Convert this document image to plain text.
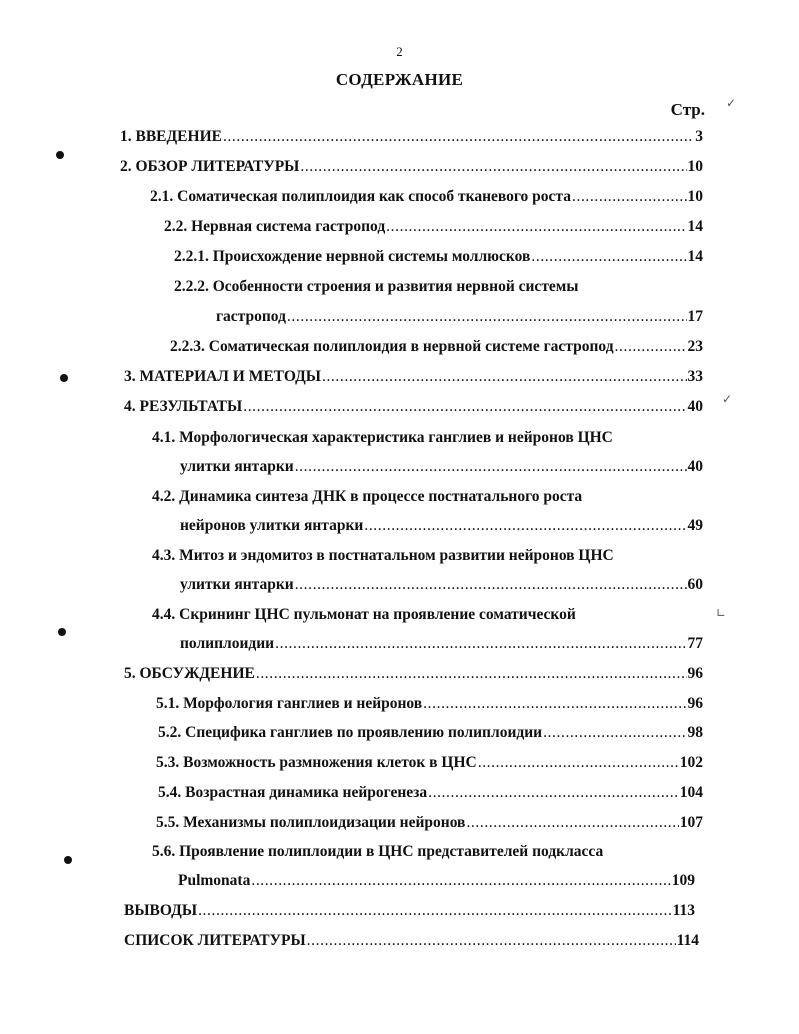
2
СОДЕРЖАНИЕ
Стр.
1. ВВЕДЕНИЕ .....	3
2. ОБЗОР ЛИТЕРАТУРЫ .....	10
2.1. Соматическая полиплоидия как способ тканевого роста .....	10
2.2. Нервная система гастропод .....	14
2.2.1. Происхождение нервной системы моллюсков .....	14
2.2.2. Особенности строения и развития нервной системы
гастропод .....	17
2.2.3. Соматическая полиплоидия в нервной системе гастропод .....	23
3. МАТЕРИАЛ И МЕТОДЫ .....	33
4. РЕЗУЛЬТАТЫ .....	40
4.1. Морфологическая характеристика ганглиев и нейронов ЦНС
улитки янтарки .....	40
4.2. Динамика синтеза ДНК в процессе постнатального роста
нейронов улитки янтарки .....	49
4.3. Митоз и эндомитоз в постнатальном развитии нейронов ЦНС
улитки янтарки .....	60
4.4. Скрининг ЦНС пульмонат на проявление соматической
полиплоидии .....	77
5. ОБСУЖДЕНИЕ .....	96
5.1. Морфология ганглиев и нейронов .....	96
5.2. Специфика ганглиев по проявлению полиплоидии .....	98
5.3. Возможность размножения клеток в ЦНС .....	102
5.4. Возрастная динамика нейрогенеза .....	104
5.5. Механизмы полиплоидизации нейронов .....	107
5.6. Проявление полиплоидии в ЦНС представителей подкласса
Pulmonata .....	109
ВЫВОДЫ .....	113
СПИСОК ЛИТЕРАТУРЫ .....	114
✓
✓
∟
